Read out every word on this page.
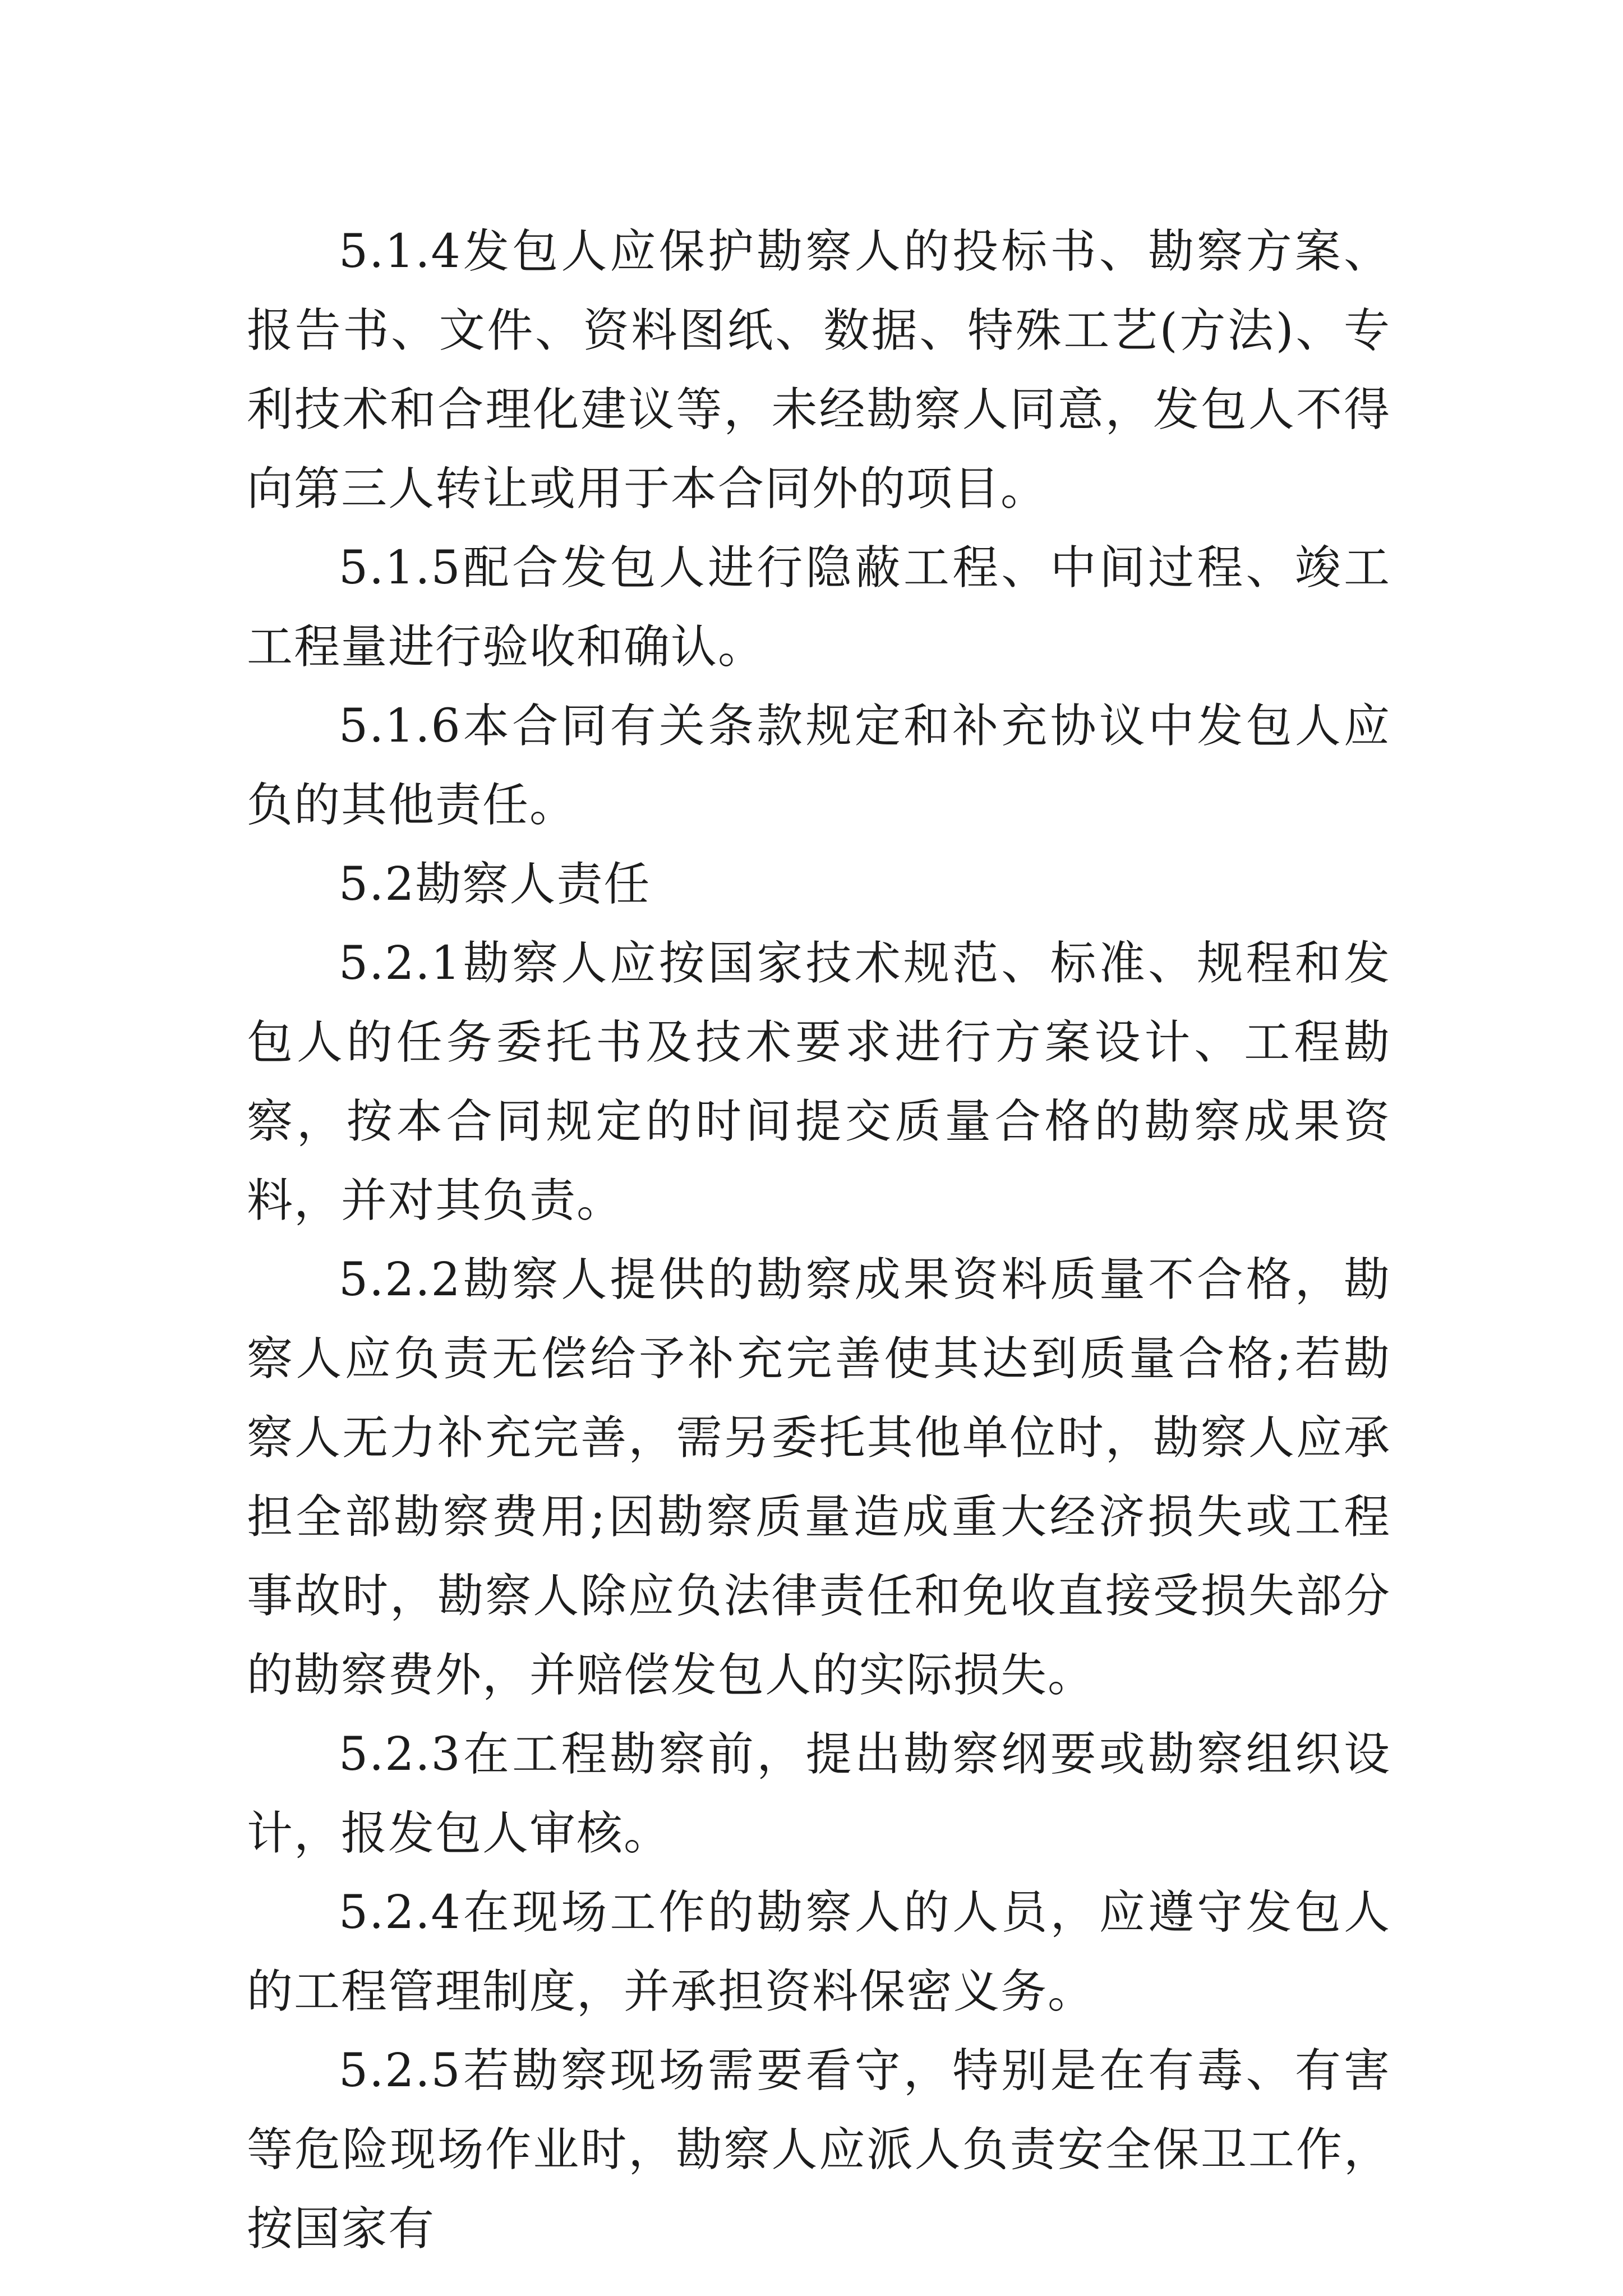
5.1.4发包人应保护勘察人的投标书、勘察方案、报告书、文件、资料图纸、数据、特殊工艺(方法)、专利技术和合理化建议等，未经勘察人同意，发包人不得向第三人转让或用于本合同外的项目。

5.1.5配合发包人进行隐蔽工程、中间过程、竣工工程量进行验收和确认。

5.1.6本合同有关条款规定和补充协议中发包人应负的其他责任。

5.2勘察人责任

5.2.1勘察人应按国家技术规范、标准、规程和发包人的任务委托书及技术要求进行方案设计、工程勘察，按本合同规定的时间提交质量合格的勘察成果资料，并对其负责。

5.2.2勘察人提供的勘察成果资料质量不合格，勘察人应负责无偿给予补充完善使其达到质量合格;若勘察人无力补充完善，需另委托其他单位时，勘察人应承担全部勘察费用;因勘察质量造成重大经济损失或工程事故时，勘察人除应负法律责任和免收直接受损失部分的勘察费外，并赔偿发包人的实际损失。

5.2.3在工程勘察前，提出勘察纲要或勘察组织设计，报发包人审核。

5.2.4在现场工作的勘察人的人员，应遵守发包人的工程管理制度，并承担资料保密义务。

5.2.5若勘察现场需要看守，特别是在有毒、有害等危险现场作业时，勘察人应派人负责安全保卫工作，按国家有
